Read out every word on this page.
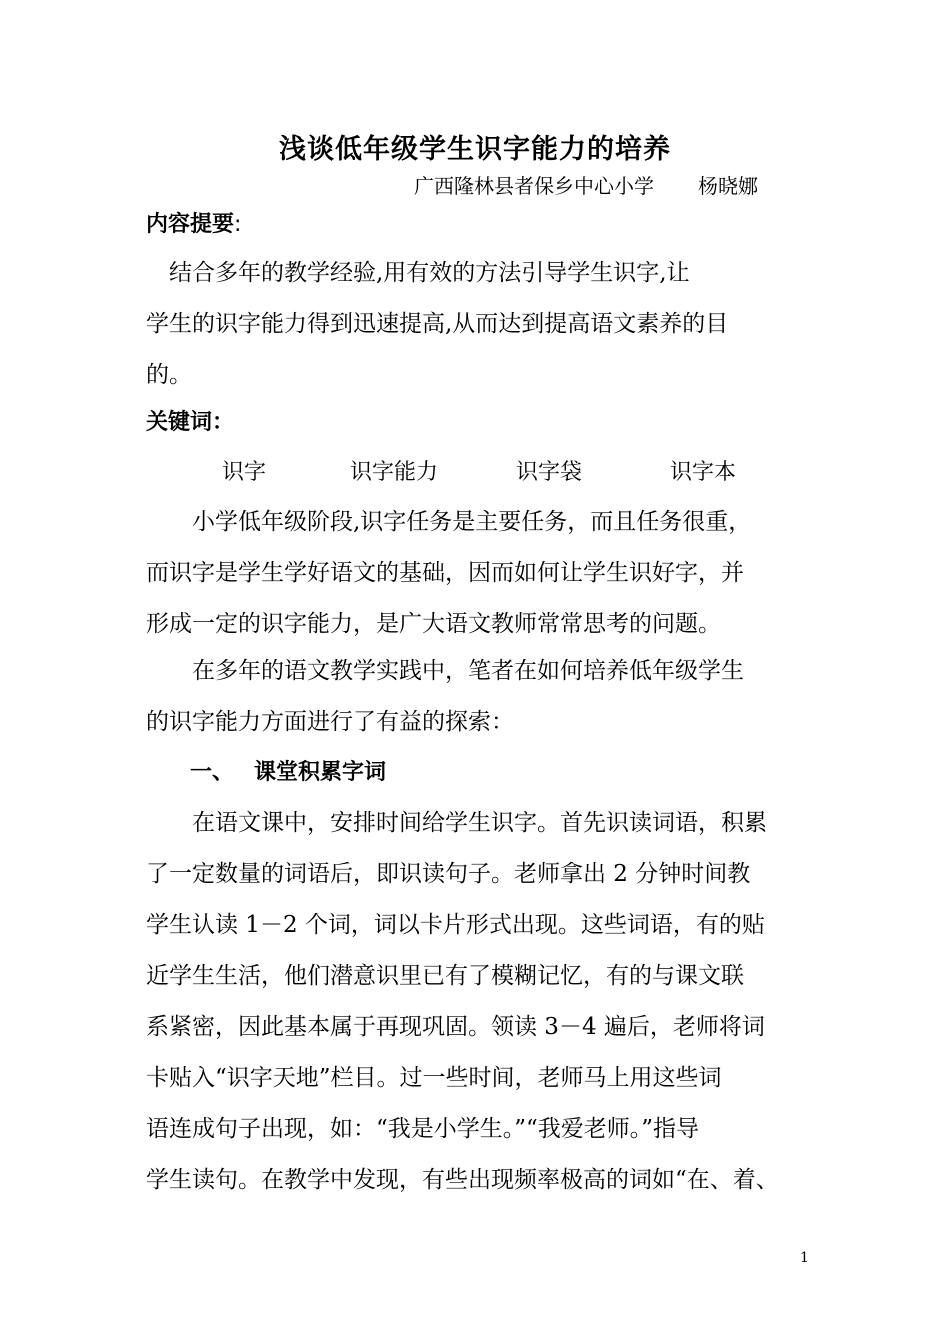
浅谈低年级学生识字能力的培养
广西隆林县者保乡中心小学 杨晓娜
内容提要:
　结合多年的教学经验,用有效的方法引导学生识字,让
学生的识字能力得到迅速提高,从而达到提高语文素养的目
的。
关键词：
识字	识字能力	识字袋	识字本
　　小学低年级阶段,识字任务是主要任务，而且任务很重，
而识字是学生学好语文的基础，因而如何让学生识好字，并
形成一定的识字能力，是广大语文教师常常思考的问题。
　　在多年的语文教学实践中，笔者在如何培养低年级学生
的识字能力方面进行了有益的探索：
一、 课堂积累字词
　　在语文课中，安排时间给学生识字。首先识读词语，积累
了一定数量的词语后，即识读句子。老师拿出 2 分钟时间教
学生认读 1－2 个词，词以卡片形式出现。这些词语，有的贴
近学生生活，他们潜意识里已有了模糊记忆，有的与课文联
系紧密，因此基本属于再现巩固。领读 3－4 遍后，老师将词
卡贴入“识字天地”栏目。过一些时间，老师马上用这些词
语连成句子出现，如：“我是小学生。”“我爱老师。”指导
学生读句。在教学中发现，有些出现频率极高的词如“在、着、
1
